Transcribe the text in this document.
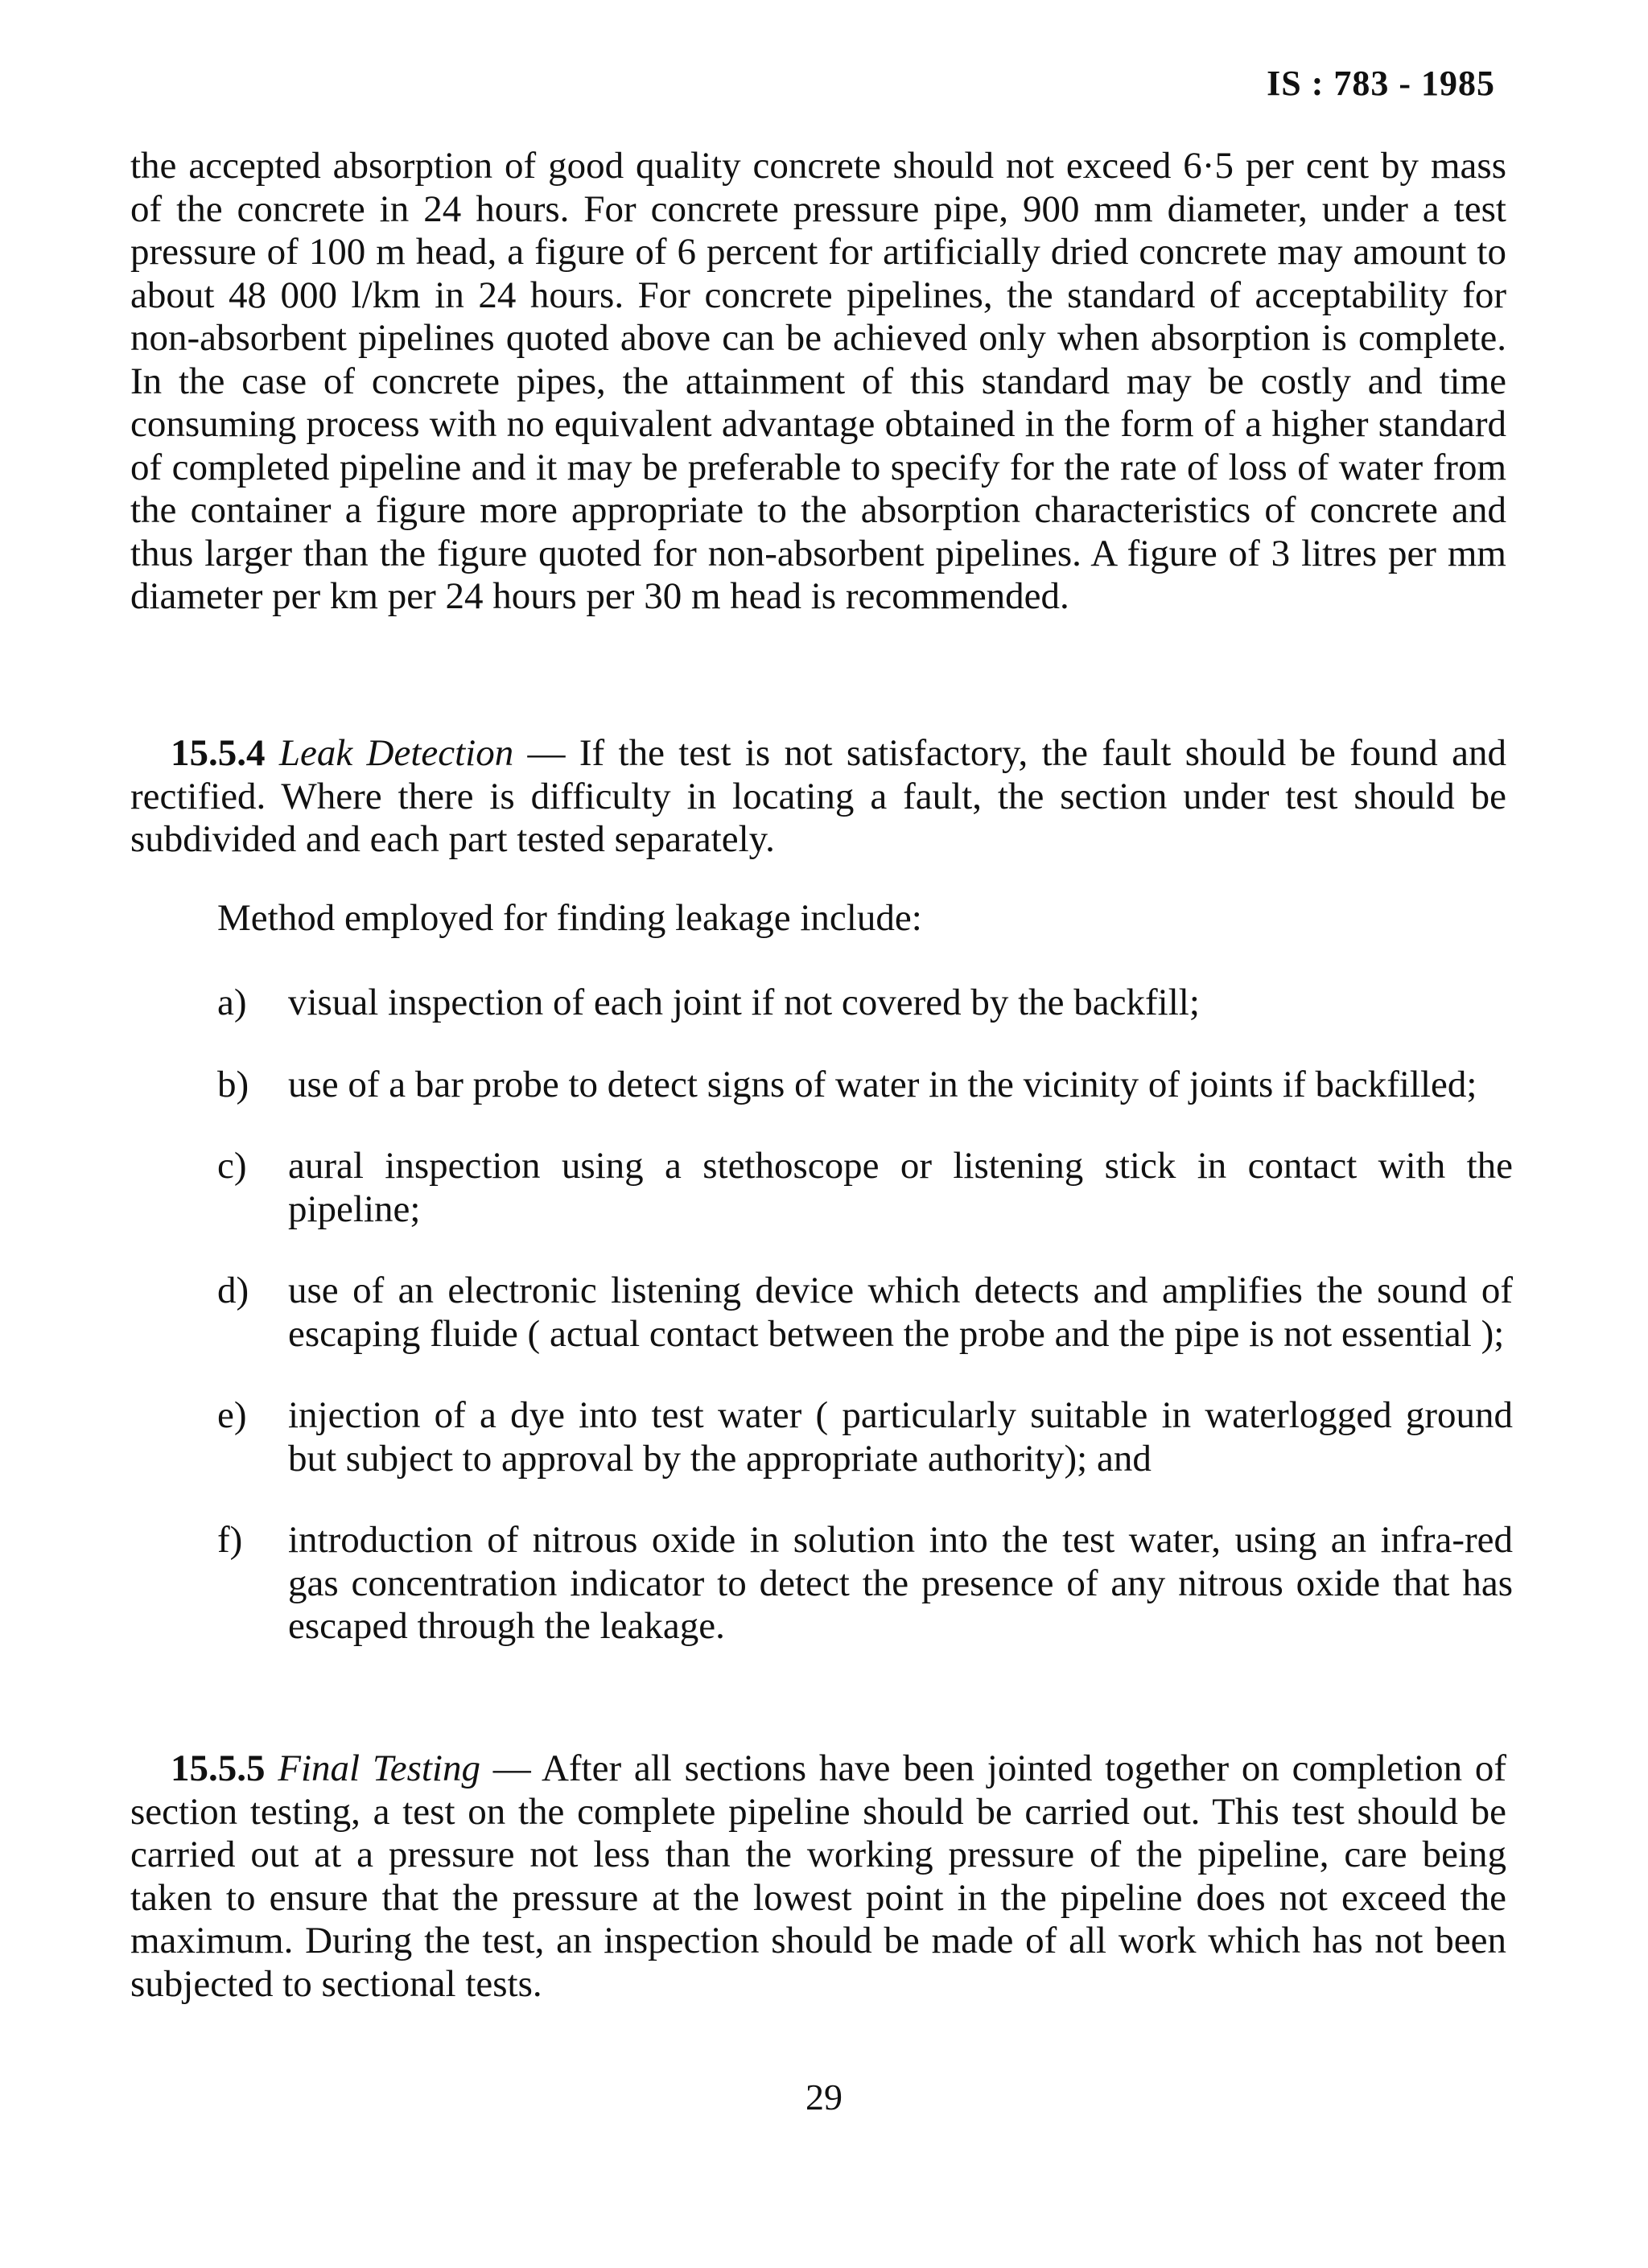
IS : 783 - 1985

the accepted absorption of good quality concrete should not exceed 6·5 per cent by mass of the concrete in 24 hours. For concrete pressure pipe, 900 mm diameter, under a test pressure of 100 m head, a figure of 6 percent for artificially dried concrete may amount to about 48 000 l/km in 24 hours. For concrete pipelines, the standard of acceptability for non-absorbent pipelines quoted above can be achieved only when absorption is complete. In the case of concrete pipes, the attainment of this standard may be costly and time consuming process with no equivalent advantage obtained in the form of a higher standard of completed pipeline and it may be preferable to specify for the rate of loss of water from the container a figure more appropriate to the absorption characteristics of concrete and thus larger than the figure quoted for non-absorbent pipelines. A figure of 3 litres per mm diameter per km per 24 hours per 30 m head is recommended.

15.5.4 Leak Detection — If the test is not satisfactory, the fault should be found and rectified. Where there is difficulty in locating a fault, the section under test should be subdivided and each part tested separately.

Method employed for finding leakage include:

a) visual inspection of each joint if not covered by the backfill;
b) use of a bar probe to detect signs of water in the vicinity of joints if backfilled;
c) aural inspection using a stethoscope or listening stick in contact with the pipeline;
d) use of an electronic listening device which detects and amplifies the sound of escaping fluide ( actual contact between the probe and the pipe is not essential );
e) injection of a dye into test water ( particularly suitable in waterlogged ground but subject to approval by the appropriate authority); and
f) introduction of nitrous oxide in solution into the test water, using an infra-red gas concentration indicator to detect the presence of any nitrous oxide that has escaped through the leakage.

15.5.5 Final Testing — After all sections have been jointed together on completion of section testing, a test on the complete pipeline should be carried out. This test should be carried out at a pressure not less than the working pressure of the pipeline, care being taken to ensure that the pressure at the lowest point in the pipeline does not exceed the maximum. During the test, an inspection should be made of all work which has not been subjected to sectional tests.

29
